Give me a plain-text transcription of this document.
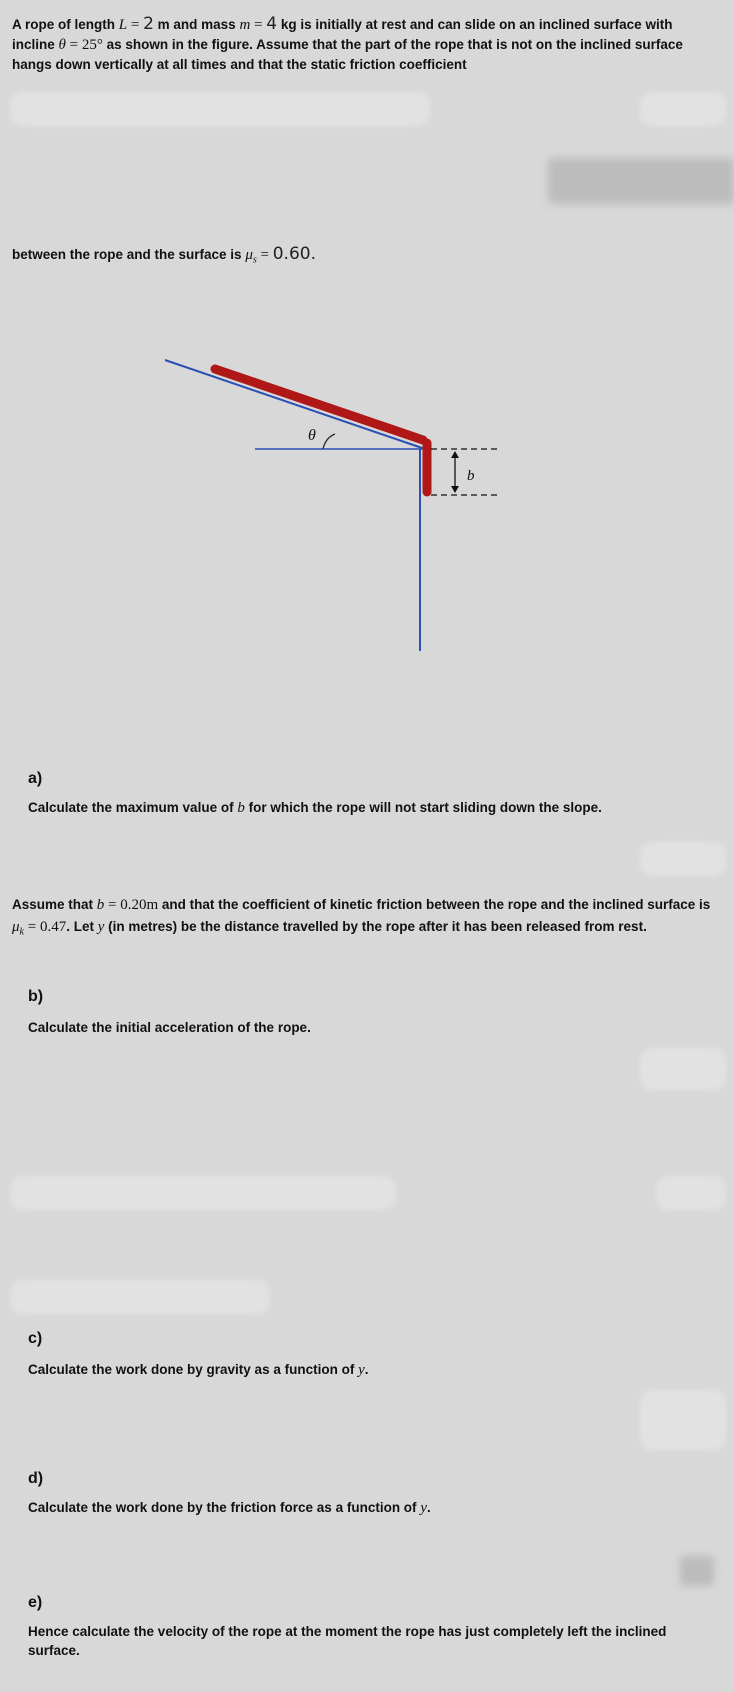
A rope of length L = 2 m and mass m = 4 kg is initially at rest and can slide on an inclined surface with incline θ = 25° as shown in the figure. Assume that the part of the rope that is not on the inclined surface hangs down vertically at all times and that the static friction coefficient
between the rope and the surface is $\mu_s = 0.60$.
θ
b
a)
Calculate the maximum value of b for which the rope will not start sliding down the slope.
Assume that b = 0.20m and that the coefficient of kinetic friction between the rope and the inclined surface is $\mu_k = 0.47$. Let y (in metres) be the distance travelled by the rope after it has been released from rest.
b)
Calculate the initial acceleration of the rope.
c)
Calculate the work done by gravity as a function of y.
d)
Calculate the work done by the friction force as a function of y.
e)
Hence calculate the velocity of the rope at the moment the rope has just completely left the inclined surface.
